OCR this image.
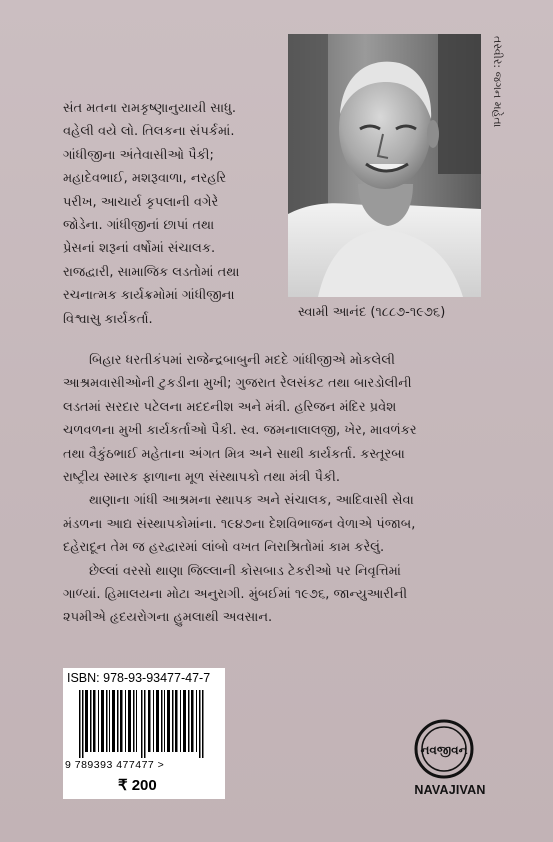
તસ્વીર: જગન મહેતા
સ્વામી આનંદ (૧૮૮૭-૧૯૭૬)
સંત મતના રામકૃષ્ણાનુયાયી સાધુ.
વહેલી વયે લો. તિલકના સંપર્કમાં.
ગાંધીજીના અંતેવાસીઓ પૈકી;
મહાદેવભાઈ, મશરૂવાળા, નરહરિ
પરીખ, આચાર્ય કૃપલાની વગેરે
જોડેના. ગાંધીજીનાં છાપાં તથા
પ્રેસનાં શરૂનાં વર્ષોમાં સંચાલક.
રાજદ્વારી, સામાજિક લડતોમાં તથા
રચનાત્મક કાર્યક્રમોમાં ગાંધીજીના
વિશ્વાસુ કાર્યકર્તા.
બિહાર ધરતીકંપમાં રાજેન્દ્રબાબુની મદદે ગાંધીજીએ મોકલેલી
આશ્રમવાસીઓની ટુકડીના મુખી; ગુજરાત રેલસંકટ તથા બારડોલીની
લડતમાં સરદાર પટેલના મદદનીશ અને મંત્રી. હરિજન મંદિર પ્રવેશ
ચળવળના મુખી કાર્યકર્તાઓ પૈકી. સ્વ. જમનાલાલજી, ખેર, માવળંકર
તથા વૈકુંઠભાઈ મહેતાના અંગત મિત્ર અને સાથી કાર્યકર્તા. કસ્તૂરબા
રાષ્ટ્રીય સ્મારક ફાળાના મૂળ સંસ્થાપકો તથા મંત્રી પૈકી.
થાણાના ગાંધી આશ્રમના સ્થાપક અને સંચાલક, આદિવાસી સેવા
મંડળના આદ્ય સંસ્થાપકોમાંના. ૧૯૪૭ના દેશવિભાજન વેળાએ પંજાબ,
દહેરાદૂન તેમ જ હરદ્વારમાં લાંબો વખત નિરાશ્રિતોમાં કામ કરેલું.
છેલ્લાં વરસો થાણા જિલ્લાની કોસબાડ ટેકરીઓ પર નિવૃત્તિમાં
ગાળ્યાં. હિમાલયના મોટા અનુરાગી. મુંબઈમાં ૧૯૭૬, જાન્યુઆરીની
૨૫મીએ હૃદયરોગના હુમલાથી અવસાન.
ISBN: 978-93-93477-47-7
9 789393 477477 >
₹ 200
નવજીવન
NAVAJIVAN
